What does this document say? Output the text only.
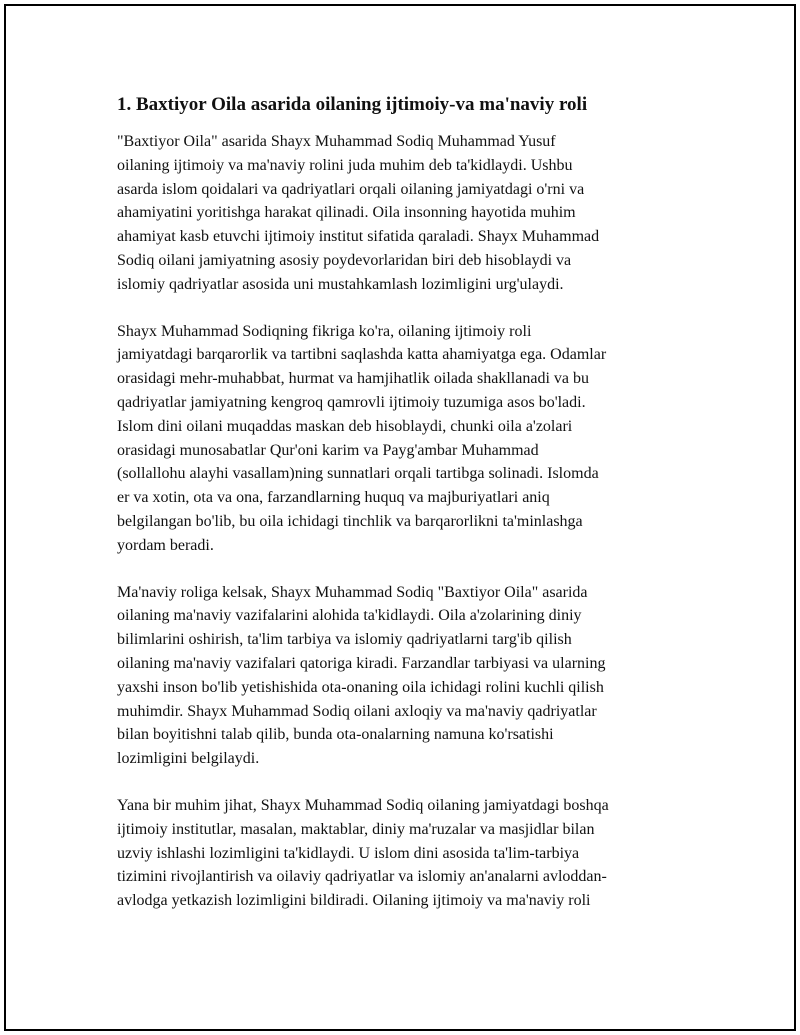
1. Baxtiyor Oila asarida oilaning ijtimoiy-va ma'naviy roli

"Baxtiyor Oila" asarida Shayx Muhammad Sodiq Muhammad Yusuf
oilaning ijtimoiy va ma'naviy rolini juda muhim deb ta'kidlaydi. Ushbu
asarda islom qoidalari va qadriyatlari orqali oilaning jamiyatdagi o'rni va
ahamiyatini yoritishga harakat qilinadi. Oila insonning hayotida muhim
ahamiyat kasb etuvchi ijtimoiy institut sifatida qaraladi. Shayx Muhammad
Sodiq oilani jamiyatning asosiy poydevorlaridan biri deb hisoblaydi va
islomiy qadriyatlar asosida uni mustahkamlash lozimligini urg'ulaydi.

Shayx Muhammad Sodiqning fikriga ko'ra, oilaning ijtimoiy roli
jamiyatdagi barqarorlik va tartibni saqlashda katta ahamiyatga ega. Odamlar
orasidagi mehr-muhabbat, hurmat va hamjihatlik oilada shakllanadi va bu
qadriyatlar jamiyatning kengroq qamrovli ijtimoiy tuzumiga asos bo'ladi.
Islom dini oilani muqaddas maskan deb hisoblaydi, chunki oila a'zolari
orasidagi munosabatlar Qur'oni karim va Payg'ambar Muhammad
(sollallohu alayhi vasallam)ning sunnatlari orqali tartibga solinadi. Islomda
er va xotin, ota va ona, farzandlarning huquq va majburiyatlari aniq
belgilangan bo'lib, bu oila ichidagi tinchlik va barqarorlikni ta'minlashga
yordam beradi.

Ma'naviy roliga kelsak, Shayx Muhammad Sodiq "Baxtiyor Oila" asarida
oilaning ma'naviy vazifalarini alohida ta'kidlaydi. Oila a'zolarining diniy
bilimlarini oshirish, ta'lim tarbiya va islomiy qadriyatlarni targ'ib qilish
oilaning ma'naviy vazifalari qatoriga kiradi. Farzandlar tarbiyasi va ularning
yaxshi inson bo'lib yetishishida ota-onaning oila ichidagi rolini kuchli qilish
muhimdir. Shayx Muhammad Sodiq oilani axloqiy va ma'naviy qadriyatlar
bilan boyitishni talab qilib, bunda ota-onalarning namuna ko'rsatishi
lozimligini belgilaydi.

Yana bir muhim jihat, Shayx Muhammad Sodiq oilaning jamiyatdagi boshqa
ijtimoiy institutlar, masalan, maktablar, diniy ma'ruzalar va masjidlar bilan
uzviy ishlashi lozimligini ta'kidlaydi. U islom dini asosida ta'lim-tarbiya
tizimini rivojlantirish va oilaviy qadriyatlar va islomiy an'analarni avloddan-
avlodga yetkazish lozimligini bildiradi. Oilaning ijtimoiy va ma'naviy roli
